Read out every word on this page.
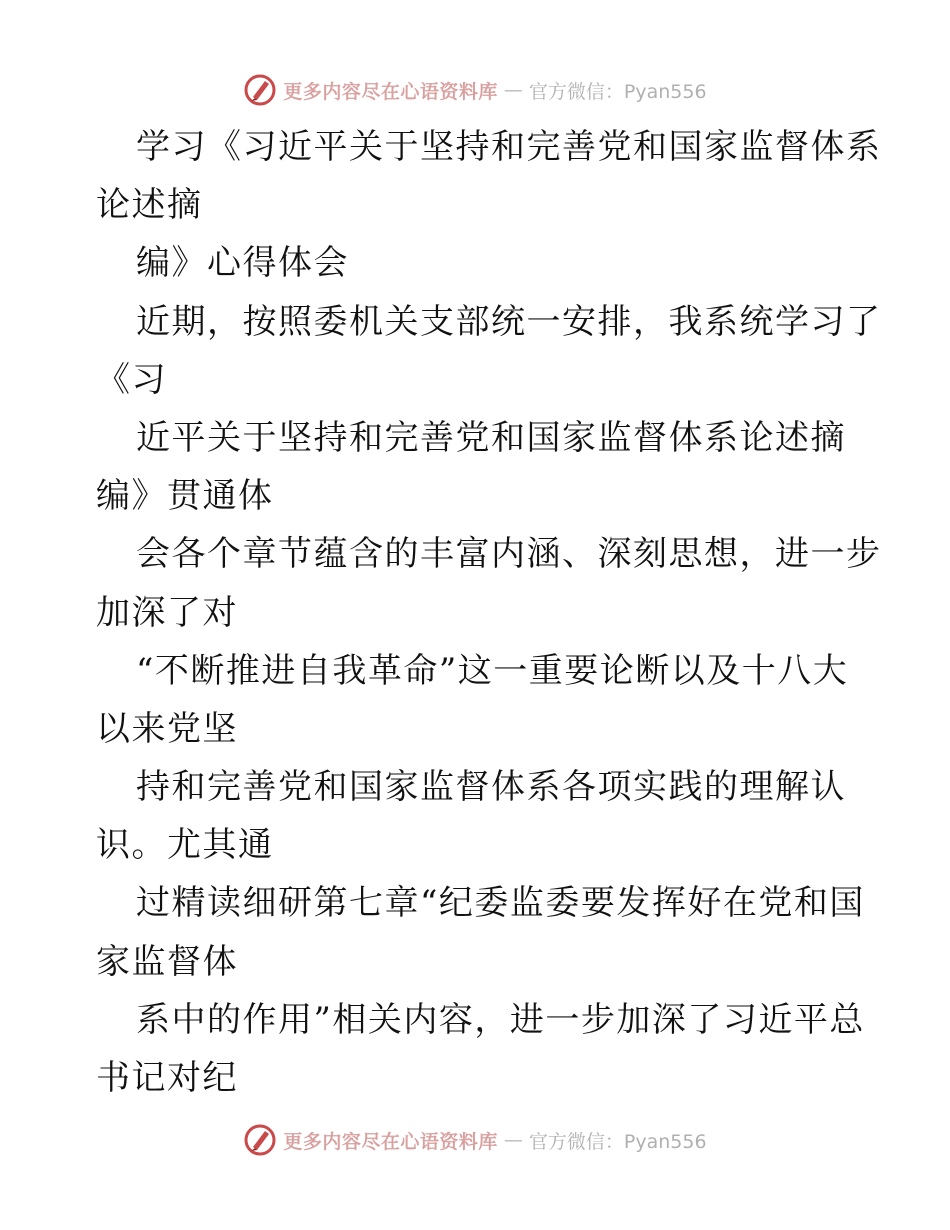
更多内容尽在心语资料库 — 官方微信：Pyan556
学习《习近平关于坚持和完善党和国家监督体系
论述摘
编》心得体会
近期，按照委机关支部统一安排，我系统学习了
《习
近平关于坚持和完善党和国家监督体系论述摘
编》贯通体
会各个章节蕴含的丰富内涵、深刻思想，进一步
加深了对
“不断推进自我革命”这一重要论断以及十八大
以来党坚
持和完善党和国家监督体系各项实践的理解认
识。尤其通
过精读细研第七章“纪委监委要发挥好在党和国
家监督体
系中的作用”相关内容，进一步加深了习近平总
书记对纪
更多内容尽在心语资料库 — 官方微信：Pyan556
